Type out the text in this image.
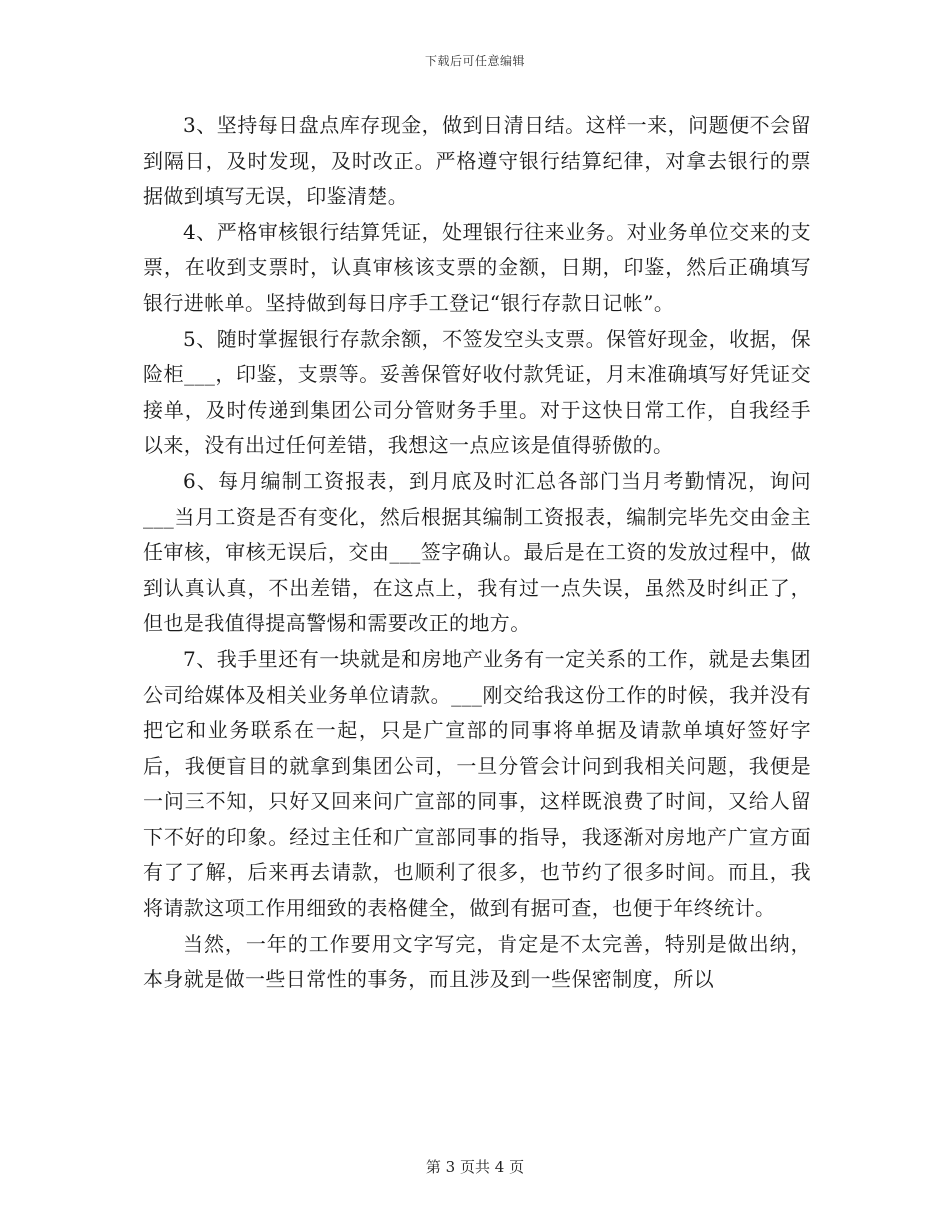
下载后可任意编辑

3、坚持每日盘点库存现金，做到日清日结。这样一来，问题便不会留到隔日，及时发现，及时改正。严格遵守银行结算纪律，对拿去银行的票据做到填写无误，印鉴清楚。

4、严格审核银行结算凭证，处理银行往来业务。对业务单位交来的支票，在收到支票时，认真审核该支票的金额，日期，印鉴，然后正确填写银行进帐单。坚持做到每日序手工登记“银行存款日记帐”。

5、随时掌握银行存款余额，不签发空头支票。保管好现金，收据，保险柜___，印鉴，支票等。妥善保管好收付款凭证，月末准确填写好凭证交接单，及时传递到集团公司分管财务手里。对于这快日常工作，自我经手以来，没有出过任何差错，我想这一点应该是值得骄傲的。

6、每月编制工资报表，到月底及时汇总各部门当月考勤情况，询问___当月工资是否有变化，然后根据其编制工资报表，编制完毕先交由金主任审核，审核无误后，交由___签字确认。最后是在工资的发放过程中，做到认真认真，不出差错，在这点上，我有过一点失误，虽然及时纠正了，但也是我值得提高警惕和需要改正的地方。

7、我手里还有一块就是和房地产业务有一定关系的工作，就是去集团公司给媒体及相关业务单位请款。___刚交给我这份工作的时候，我并没有把它和业务联系在一起，只是广宣部的同事将单据及请款单填好签好字后，我便盲目的就拿到集团公司，一旦分管会计问到我相关问题，我便是一问三不知，只好又回来问广宣部的同事，这样既浪费了时间，又给人留下不好的印象。经过主任和广宣部同事的指导，我逐渐对房地产广宣方面有了了解，后来再去请款，也顺利了很多，也节约了很多时间。而且，我将请款这项工作用细致的表格健全，做到有据可查，也便于年终统计。

当然，一年的工作要用文字写完，肯定是不太完善，特别是做出纳，本身就是做一些日常性的事务，而且涉及到一些保密制度，所以

第 3 页共 4 页
